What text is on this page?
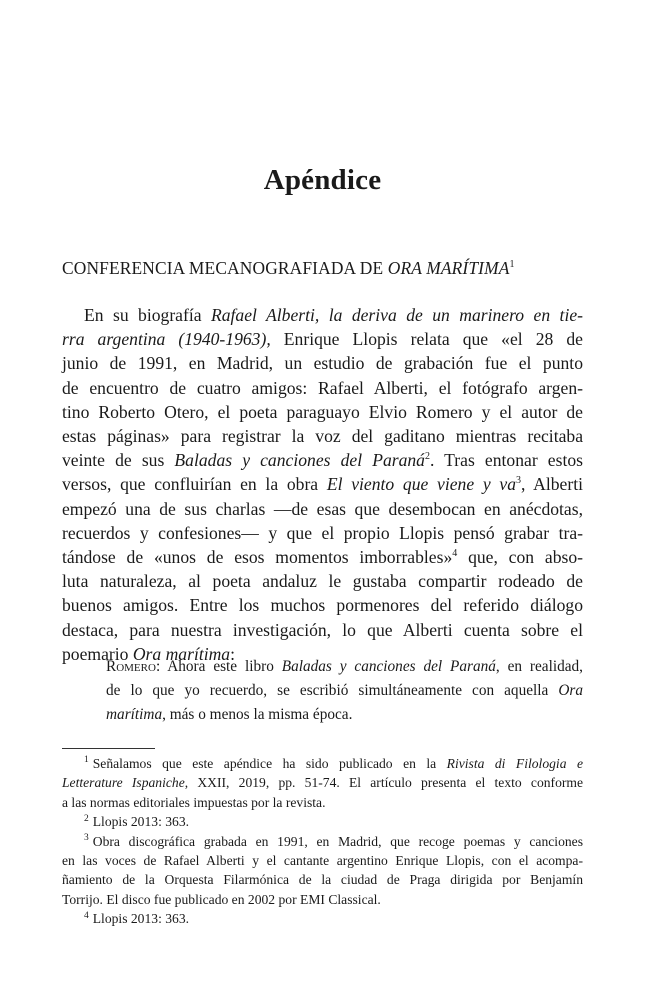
Apéndice
CONFERENCIA MECANOGRAFIADA DE ORA MARÍTIMA$^1$
En su biografía Rafael Alberti, la deriva de un marinero en tie-
rra argentina (1940-1963), Enrique Llopis relata que «el 28 de
junio de 1991, en Madrid, un estudio de grabación fue el punto
de encuentro de cuatro amigos: Rafael Alberti, el fotógrafo argen-
tino Roberto Otero, el poeta paraguayo Elvio Romero y el autor de
estas páginas» para registrar la voz del gaditano mientras recitaba
veinte de sus Baladas y canciones del Paraná$^2$. Tras entonar estos
versos, que confluirían en la obra El viento que viene y $va^3$, Alberti
empezó una de sus charlas —de esas que desembocan en anécdotas,
recuerdos y confesiones— y que el propio Llopis pensó grabar tra-
tándose de «unos de esos momentos imborrables»$^4$ que, con abso-
luta naturaleza, al poeta andaluz le gustaba compartir rodeado de
buenos amigos. Entre los muchos pormenores del referido diálogo
destaca, para nuestra investigación, lo que Alberti cuenta sobre el
poemario Ora marítima:
Romero: Ahora este libro Baladas y canciones del Paraná, en realidad,
de lo que yo recuerdo, se escribió simultáneamente con aquella Ora
marítima, más o menos la misma época.
$^1$ Señalamos que este apéndice ha sido publicado en la Rivista di Filologia e
Letterature Ispaniche, XXII, 2019, pp. 51-74. El artículo presenta el texto conforme
a las normas editoriales impuestas por la revista.
$^2$ Llopis 2013: 363.
$^3$ Obra discográfica grabada en 1991, en Madrid, que recoge poemas y canciones
en las voces de Rafael Alberti y el cantante argentino Enrique Llopis, con el acompa-
ñamiento de la Orquesta Filarmónica de la ciudad de Praga dirigida por Benjamín
Torrijo. El disco fue publicado en 2002 por EMI Classical.
$^4$ Llopis 2013: 363.
